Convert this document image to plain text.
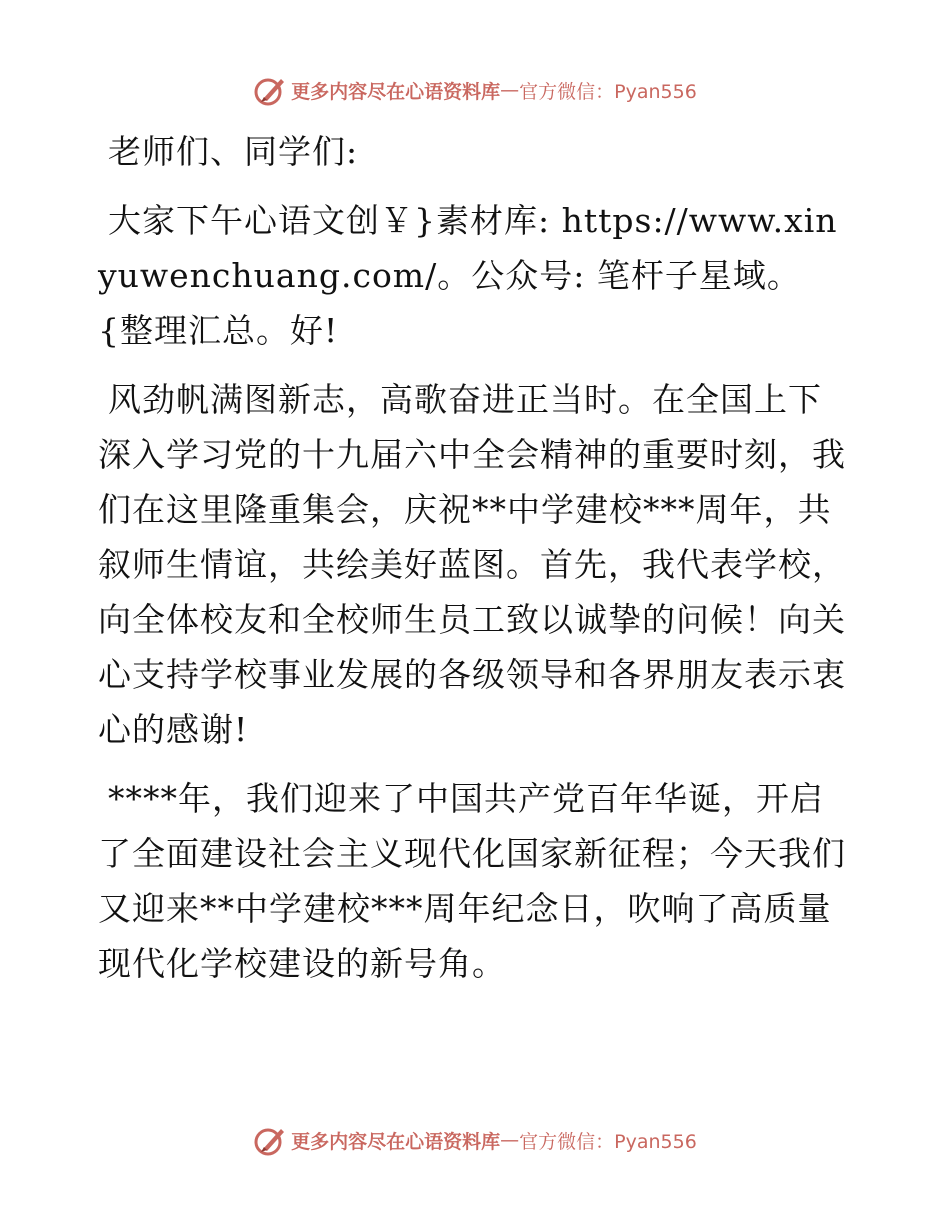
更多内容尽在心语资料库 — 官方微信：Pyan556

老师们、同学们:

大家下午心语文创￥}素材库: https://www.xinyuwenchuang.com/。公众号: 笔杆子星域。{整理汇总。好!

风劲帆满图新志，高歌奋进正当时。在全国上下深入学习党的十九届六中全会精神的重要时刻，我们在这里隆重集会，庆祝**中学建校***周年，共叙师生情谊，共绘美好蓝图。首先，我代表学校，向全体校友和全校师生员工致以诚挚的问候！向关心支持学校事业发展的各级领导和各界朋友表示衷心的感谢!

****年，我们迎来了中国共产党百年华诞，开启了全面建设社会主义现代化国家新征程；今天我们又迎来**中学建校***周年纪念日，吹响了高质量现代化学校建设的新号角。

更多内容尽在心语资料库 — 官方微信：Pyan556
